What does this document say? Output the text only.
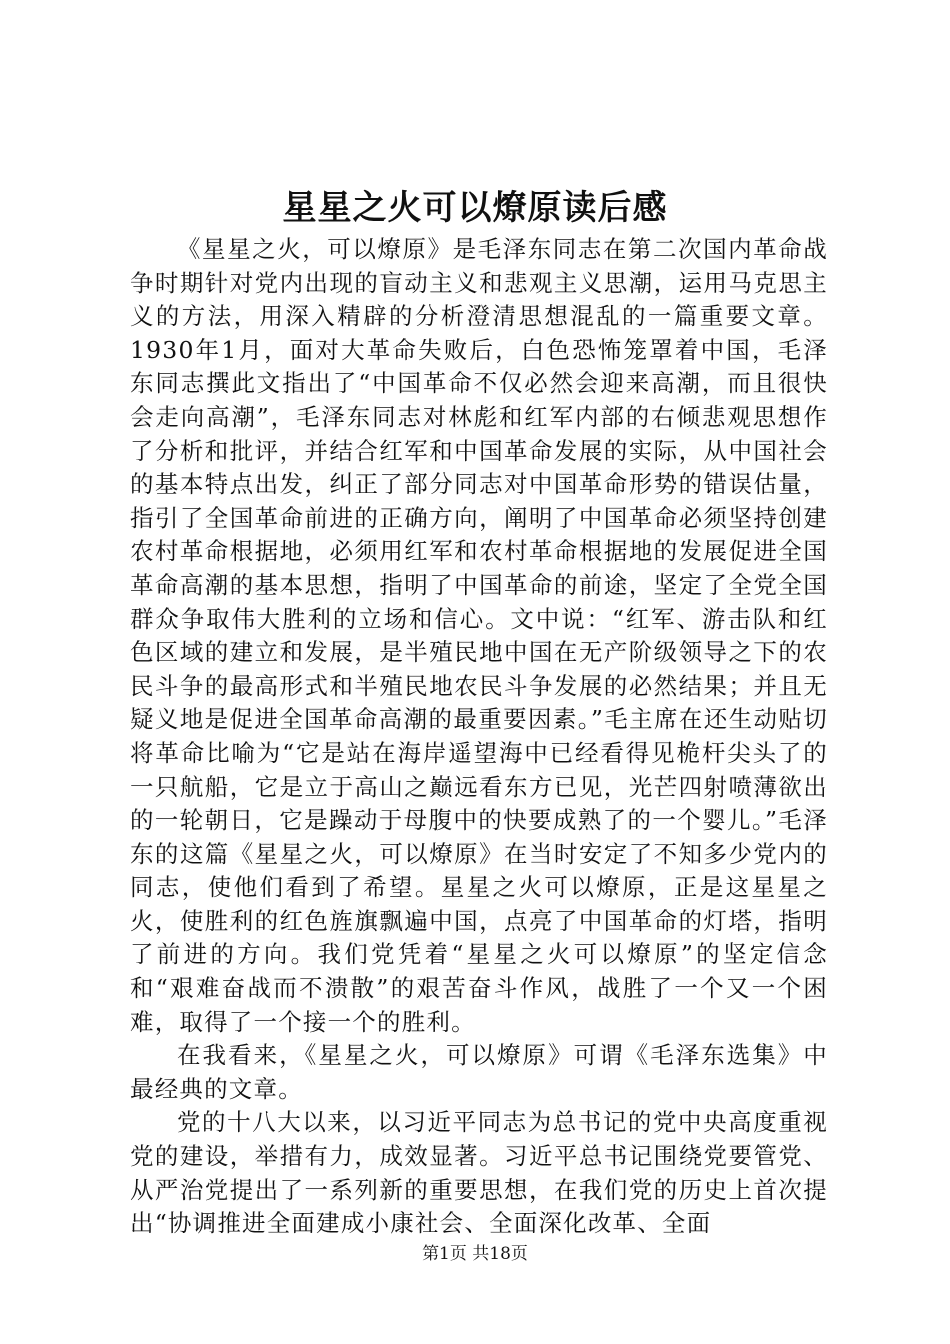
星星之火可以燎原读后感

《星星之火，可以燎原》是毛泽东同志在第二次国内革命战争时期针对党内出现的盲动主义和悲观主义思潮，运用马克思主义的方法，用深入精辟的分析澄清思想混乱的一篇重要文章。1930年1月，面对大革命失败后，白色恐怖笼罩着中国，毛泽东同志撰此文指出了“中国革命不仅必然会迎来高潮，而且很快会走向高潮”，毛泽东同志对林彪和红军内部的右倾悲观思想作了分析和批评，并结合红军和中国革命发展的实际，从中国社会的基本特点出发，纠正了部分同志对中国革命形势的错误估量，指引了全国革命前进的正确方向，阐明了中国革命必须坚持创建农村革命根据地，必须用红军和农村革命根据地的发展促进全国革命高潮的基本思想，指明了中国革命的前途，坚定了全党全国群众争取伟大胜利的立场和信心。文中说：“红军、游击队和红色区域的建立和发展，是半殖民地中国在无产阶级领导之下的农民斗争的最高形式和半殖民地农民斗争发展的必然结果；并且无疑义地是促进全国革命高潮的最重要因素。”毛主席在还生动贴切将革命比喻为“它是站在海岸遥望海中已经看得见桅杆尖头了的一只航船，它是立于高山之巅远看东方已见，光芒四射喷薄欲出的一轮朝日，它是躁动于母腹中的快要成熟了的一个婴儿。”毛泽东的这篇《星星之火，可以燎原》在当时安定了不知多少党内的同志，使他们看到了希望。星星之火可以燎原，正是这星星之火，使胜利的红色旌旗飘遍中国，点亮了中国革命的灯塔，指明了前进的方向。我们党凭着“星星之火可以燎原”的坚定信念和“艰难奋战而不溃散”的艰苦奋斗作风，战胜了一个又一个困难，取得了一个接一个的胜利。

在我看来，《星星之火，可以燎原》可谓《毛泽东选集》中最经典的文章。

党的十八大以来，以习近平同志为总书记的党中央高度重视党的建设，举措有力，成效显著。习近平总书记围绕党要管党、从严治党提出了一系列新的重要思想，在我们党的历史上首次提出“协调推进全面建成小康社会、全面深化改革、全面

第1页 共18页
